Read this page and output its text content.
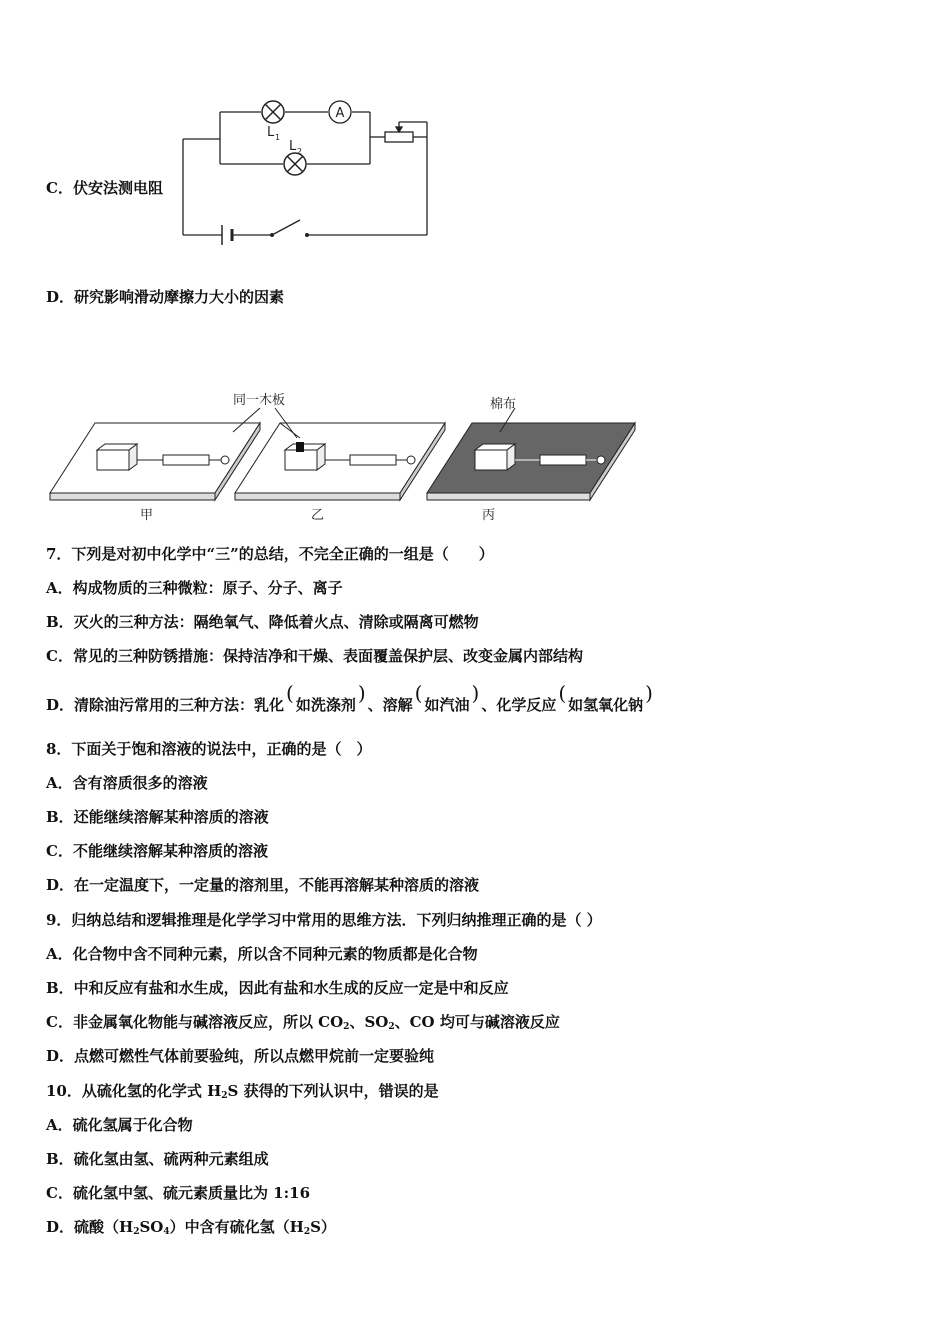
A
L 1
L 2
C．伏安法测电阻
D．研究影响滑动摩擦力大小的因素
同一木板	棉布
甲	乙	丙
7．下列是对初中化学中“三”的总结，不完全正确的一组是（　　）
A．构成物质的三种微粒：原子、分子、离子
B．灭火的三种方法：隔绝氧气、降低着火点、清除或隔离可燃物
C．常见的三种防锈措施：保持洁净和干燥、表面覆盖保护层、改变金属内部结构
D．清除油污常用的三种方法：乳化 ( 如洗涤剂 ) 、溶解 ( 如汽油 ) 、化学反应 ( 如氢氧化钠 )
8．下面关于饱和溶液的说法中，正确的是（　）
A．含有溶质很多的溶液
B．还能继续溶解某种溶质的溶液
C．不能继续溶解某种溶质的溶液
D．在一定温度下，一定量的溶剂里，不能再溶解某种溶质的溶液
9．归纳总结和逻辑推理是化学学习中常用的思维方法．下列归纳推理正确的是（ ）
A．化合物中含不同种元素，所以含不同种元素的物质都是化合物
B．中和反应有盐和水生成，因此有盐和水生成的反应一定是中和反应
C．非金属氧化物能与碱溶液反应，所以 $CO_2$、$SO_2$、CO 均可与碱溶液反应
D．点燃可燃性气体前要验纯，所以点燃甲烷前一定要验纯
10．从硫化氢的化学式 $H_2S$ 获得的下列认识中，错误的是
A．硫化氢属于化合物
B．硫化氢由氢、硫两种元素组成
C．硫化氢中氢、硫元素质量比为 1:16
D．硫酸$(H_2SO_4)$中含有硫化氢$(H_2S)$
